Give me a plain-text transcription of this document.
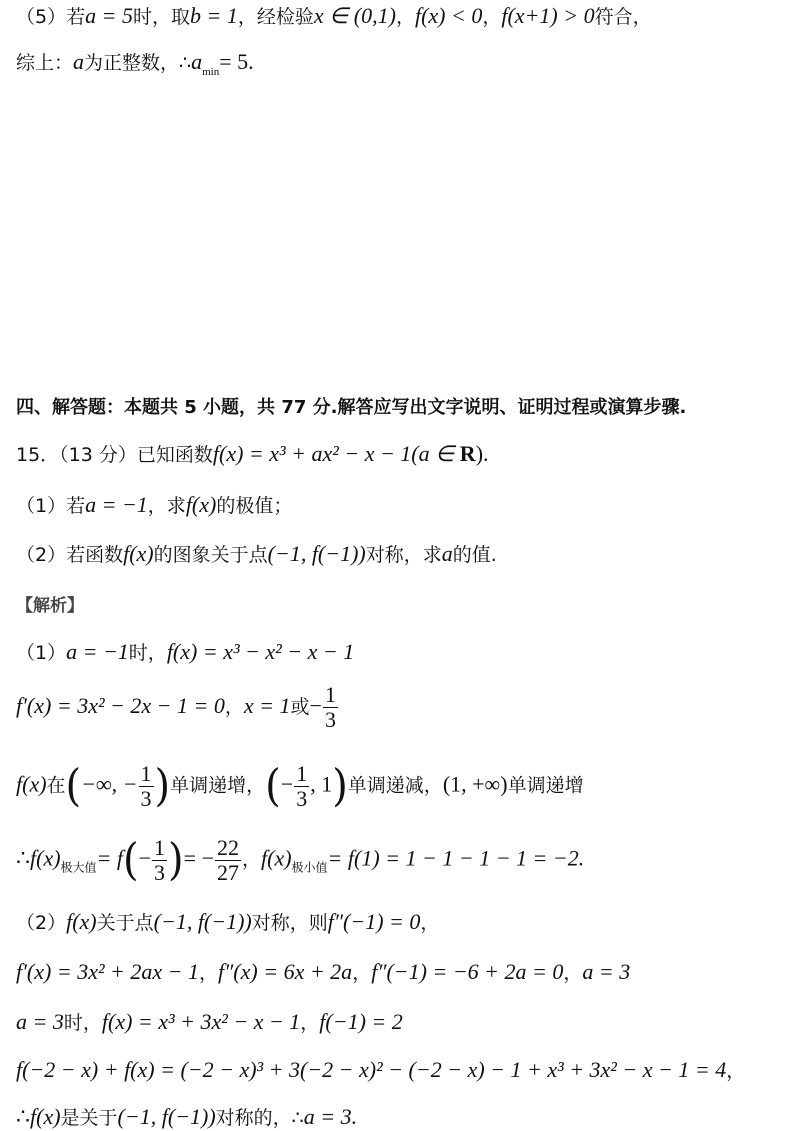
（5）若a = 5时，取b = 1，经检验x ∈ (0,1)，f(x) < 0，f(x+1) > 0符合，
综上：a为正整数，$\therefore a_{min}= 5$.
四、解答题：本题共 5 小题，共 77 分.解答应写出文字说明、证明过程或演算步骤.
15．（13 分）已知函数f(x) = x³ + ax² − x − 1(a ∈ R).
（1）若a = −1，求f(x)的极值；
（2）若函数f(x)的图象关于点(−1, f(−1))对称，求a的值.
【解析】
（1）a = −1时，f(x) = x³ − x² − x − 1
f′(x) = 3x² − 2x − 1 = 0，x = 1或− $\frac{1}{3}$
f(x)在(−∞, − $\frac{1}{3}$ )单调递增，(− $\frac{1}{3}$ , 1)单调递减，(1, +∞)单调递增
$\therefore f(x)_{极大值}= f(- \frac{1}{3}$ )= − $\frac{22}{27}$ ，$f(x)_{极小值}= f(1) = 1 - 1 - 1 - 1 = -2$.
（2）f(x)关于点(−1, f(−1))对称，则f″(−1) = 0，
f′(x) = 3x² + 2ax − 1，f″(x) = 6x + 2a，f″(−1) = −6 + 2a = 0，a = 3
a = 3时，f(x) = x³ + 3x² − x − 1，f(−1) = 2
f(−2 − x) + f(x) = (−2 − x)³ + 3(−2 − x)² − (−2 − x) − 1 + x³ + 3x² − x − 1 = 4，
∴f(x)是关于(−1, f(−1))对称的，∴a = 3.
